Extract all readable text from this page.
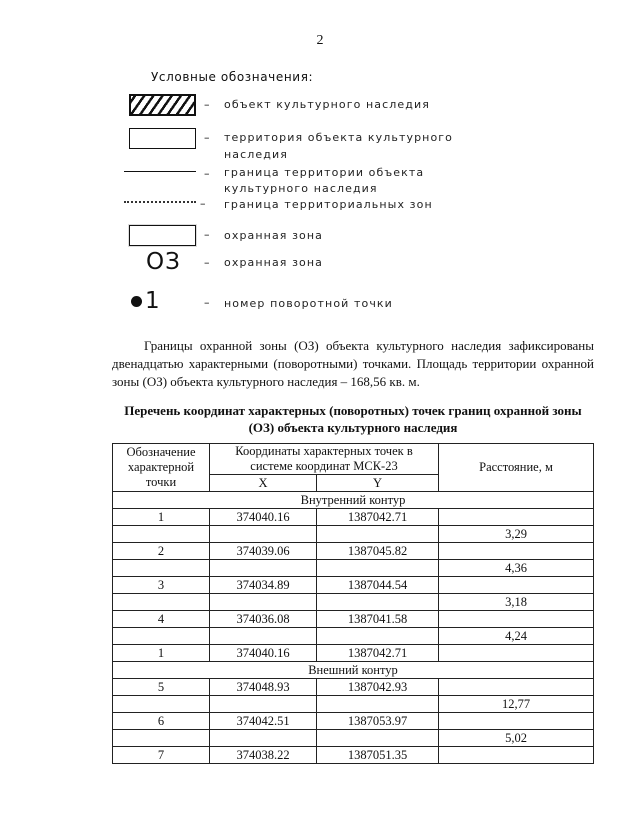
2
Условные обозначения:
– объект культурного наследия
– территория объекта культурного
наследия
– граница территории объекта
культурного наследия
– граница территориальных зон
– охранная зона
ОЗ – охранная зона
1	– номер поворотной точки
Границы охранной зоны (ОЗ) объекта культурного наследия зафиксированы двенадцатью характерными (поворотными) точками. Площадь территории охранной зоны (ОЗ) объекта культурного наследия – 168,56 кв. м.
Перечень координат характерных (поворотных) точек границ охранной зоны (ОЗ) объекта культурного наследия
Обозначение характерной точки	Координаты характерных точек в системе координат МСК-23		Расстояние, м
	X	Y	
Внутренний контур			
1	374040.16	1387042.71	
			3,29
2	374039.06	1387045.82	
			4,36
3	374034.89	1387044.54	
			3,18
4	374036.08	1387041.58	
			4,24
1	374040.16	1387042.71	
Внешний контур			
5	374048.93	1387042.93	
			12,77
6	374042.51	1387053.97	
			5,02
7	374038.22	1387051.35	
